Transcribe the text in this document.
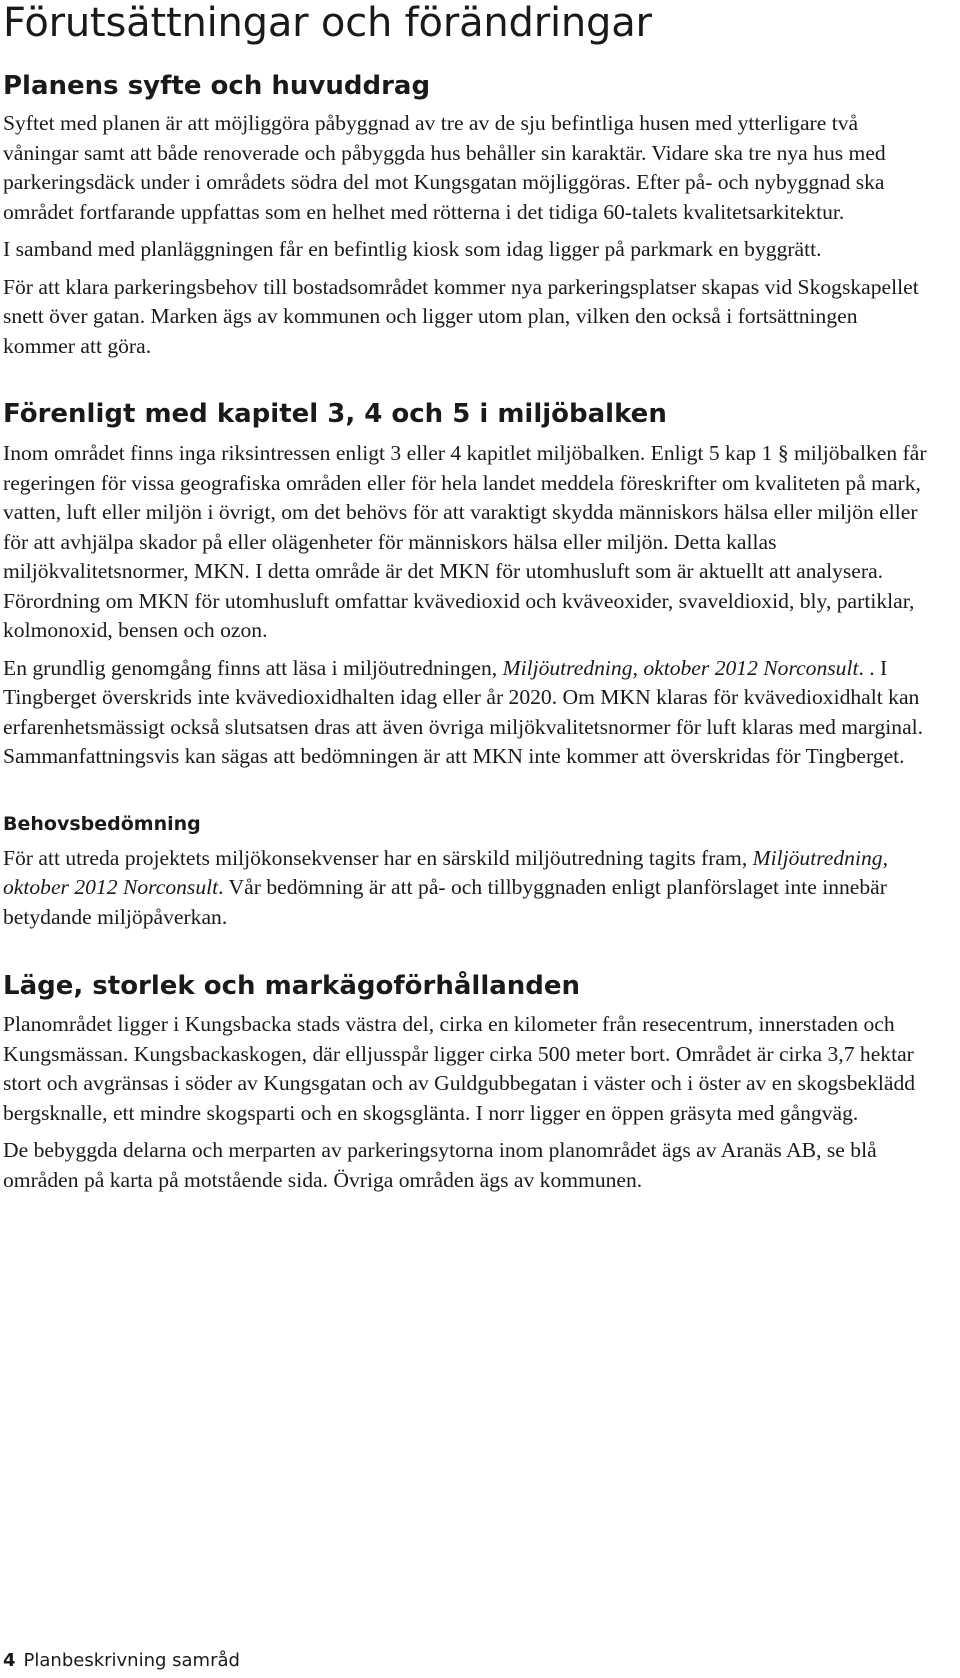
Förutsättningar och förändringar
Planens syfte och huvuddrag

Syftet med planen är att möjliggöra påbyggnad av tre av de sju befintliga husen med ytterligare två våningar samt att både renoverade och påbyggda hus behåller sin karaktär. Vidare ska tre nya hus med parkeringsdäck under i områdets södra del mot Kungsgatan möjliggöras. Efter på- och nybyggnad ska området fortfarande uppfattas som en helhet med rötterna i det tidiga 60-talets kvalitetsarkitektur.

I samband med planläggningen får en befintlig kiosk som idag ligger på parkmark en byggrätt.

För att klara parkeringsbehov till bostadsområdet kommer nya parkeringsplatser skapas vid Skogskapellet snett över gatan. Marken ägs av kommunen och ligger utom plan, vilken den också i fortsättningen kommer att göra.

Förenligt med kapitel 3, 4 och 5 i miljöbalken

Inom området finns inga riksintressen enligt 3 eller 4 kapitlet miljöbalken. Enligt 5 kap 1 § miljöbalken får regeringen för vissa geografiska områden eller för hela landet meddela föreskrifter om kvaliteten på mark, vatten, luft eller miljön i övrigt, om det behövs för att varaktigt skydda människors hälsa eller miljön eller för att avhjälpa skador på eller olägenheter för människors hälsa eller miljön. Detta kallas miljökvalitetsnormer, MKN. I detta område är det MKN för utomhusluft som är aktuellt att analysera. Förordning om MKN för utomhusluft omfattar kvävedioxid och kväveoxider, svaveldioxid, bly, partiklar, kolmonoxid, bensen och ozon.

En grundlig genomgång finns att läsa i miljöutredningen, Miljöutredning, oktober 2012 Norconsult. . I Tingberget överskrids inte kvävedioxidhalten idag eller år 2020. Om MKN klaras för kvävedioxidhalt kan erfarenhetsmässigt också slutsatsen dras att även övriga miljökvalitetsnormer för luft klaras med marginal. Sammanfattningsvis kan sägas att bedömningen är att MKN inte kommer att överskridas för Tingberget.

Behovsbedömning

För att utreda projektets miljökonsekvenser har en särskild miljöutredning tagits fram, Miljöutredning, oktober 2012 Norconsult. Vår bedömning är att på- och tillbyggnaden enligt planförslaget inte innebär betydande miljöpåverkan.

Läge, storlek och markägoförhållanden

Planområdet ligger i Kungsbacka stads västra del, cirka en kilometer från resecentrum, innerstaden och Kungsmässan. Kungsbackaskogen, där elljusspår ligger cirka 500 meter bort. Området är cirka 3,7 hektar stort och avgränsas i söder av Kungsgatan och av Guldgubbegatan i väster och i öster av en skogsbeklädd bergsknalle, ett mindre skogsparti och en skogsglänta. I norr ligger en öppen gräsyta med gångväg.

De bebyggda delarna och merparten av parkeringsytorna inom planområdet ägs av Aranäs AB, se blå områden på karta på motstående sida. Övriga områden ägs av kommunen.

4 Planbeskrivning samråd
